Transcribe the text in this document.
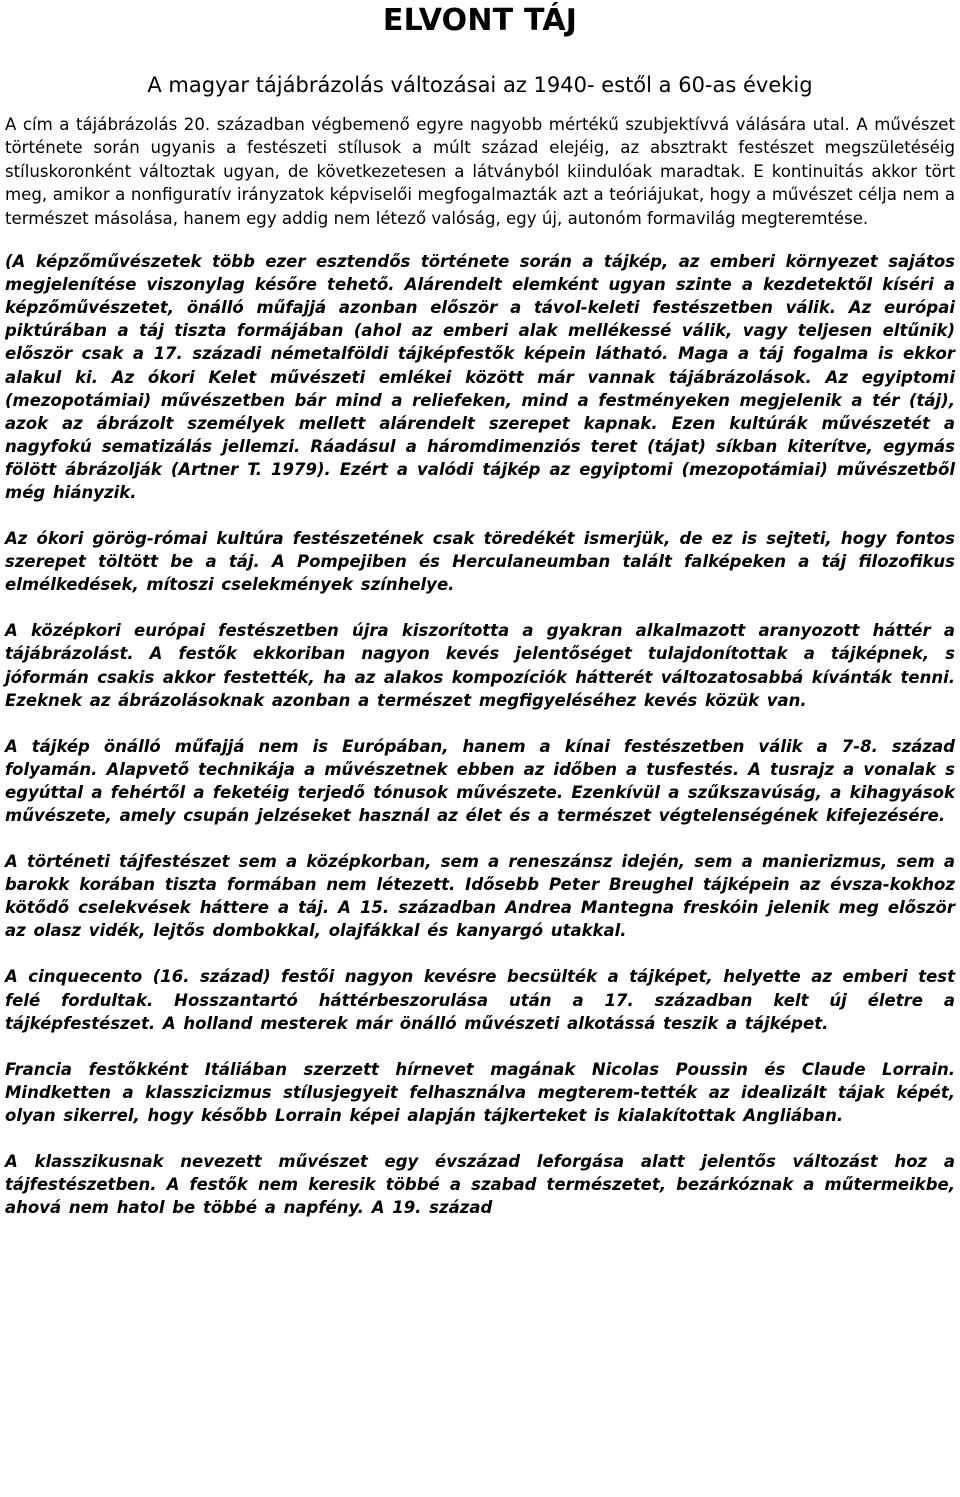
ELVONT TÁJ

A magyar tájábrázolás változásai az 1940- estől a 60-as évekig

A cím a tájábrázolás 20. században végbemenő egyre nagyobb mértékű szubjektívvá válására utal. A művészet története során ugyanis a festészeti stílusok a múlt század elejéig, az absztrakt festészet megszületéséig stíluskoronként változtak ugyan, de következetesen a látványból kiindulóak maradtak. E kontinuitás akkor tört meg, amikor a nonfiguratív irányzatok képviselői megfogalmazták azt a teóriájukat, hogy a művészet célja nem a természet másolása, hanem egy addig nem létező valóság, egy új, autonóm formavilág megteremtése.

(A képzőművészetek több ezer esztendős története során a tájkép, az emberi környezet sajátos megjelenítése viszonylag későre tehető. Alárendelt elemként ugyan szinte a kezdetektől kíséri a képzőművészetet, önálló műfajjá azonban először a távol-keleti festészetben válik. Az európai piktúrában a táj tiszta formájában (ahol az emberi alak mellékessé válik, vagy teljesen eltűnik) először csak a 17. századi németalföldi tájképfestők képein látható. Maga a táj fogalma is ekkor alakul ki. Az ókori Kelet művészeti emlékei között már vannak tájábrázolások. Az egyiptomi (mezopotámiai) művészetben bár mind a reliefeken, mind a festményeken megjelenik a tér (táj), azok az ábrázolt személyek mellett alárendelt szerepet kapnak. Ezen kultúrák művészetét a nagyfokú sematizálás jellemzi. Ráadásul a háromdimenziós teret (tájat) síkban kiterítve, egymás fölött ábrázolják (Artner T. 1979). Ezért a valódi tájkép az egyiptomi (mezopotámiai) művészetből még hiányzik.

Az ókori görög-római kultúra festészetének csak töredékét ismerjük, de ez is sejteti, hogy fontos szerepet töltött be a táj. A Pompejiben és Herculaneumban talált falképeken a táj filozofikus elmélkedések, mítoszi cselekmények színhelye.

A középkori európai festészetben újra kiszorította a gyakran alkalmazott aranyozott háttér a tájábrázolást. A festők ekkoriban nagyon kevés jelentőséget tulajdonítottak a tájképnek, s jóformán csakis akkor festették, ha az alakos kompozíciók hátterét változatosabbá kívánták tenni. Ezeknek az ábrázolásoknak azonban a természet megfigyeléséhez kevés közük van.

A tájkép önálló műfajjá nem is Európában, hanem a kínai festészetben válik a 7-8. század folyamán. Alapvető technikája a művészetnek ebben az időben a tusfestés. A tusrajz a vonalak s egyúttal a fehértől a feketéig terjedő tónusok művészete. Ezenkívül a szűkszavúság, a kihagyások művészete, amely csupán jelzéseket használ az élet és a természet végtelenségének kifejezésére.

A történeti tájfestészet sem a középkorban, sem a reneszánsz idején, sem a manierizmus, sem a barokk korában tiszta formában nem létezett. Idősebb Peter Breughel tájképein az évsza-kokhoz kötődő cselekvések háttere a táj. A 15. században Andrea Mantegna freskóin jelenik meg először az olasz vidék, lejtős dombokkal, olajfákkal és kanyargó utakkal.

A cinquecento (16. század) festői nagyon kevésre becsülték a tájképet, helyette az emberi test felé fordultak. Hosszantartó háttérbeszorulása után a 17. században kelt új életre a tájképfestészet. A holland mesterek már önálló művészeti alkotássá teszik a tájképet.

Francia festőkként Itáliában szerzett hírnevet magának Nicolas Poussin és Claude Lorrain. Mindketten a klasszicizmus stílusjegyeit felhasználva megterem-tették az idealizált tájak képét, olyan sikerrel, hogy később Lorrain képei alapján tájkerteket is kialakítottak Angliában.

A klasszikusnak nevezett művészet egy évszázad leforgása alatt jelentős változást hoz a tájfestészetben. A festők nem keresik többé a szabad természetet, bezárkóznak a műtermeikbe, ahová nem hatol be többé a napfény. A 19. század
